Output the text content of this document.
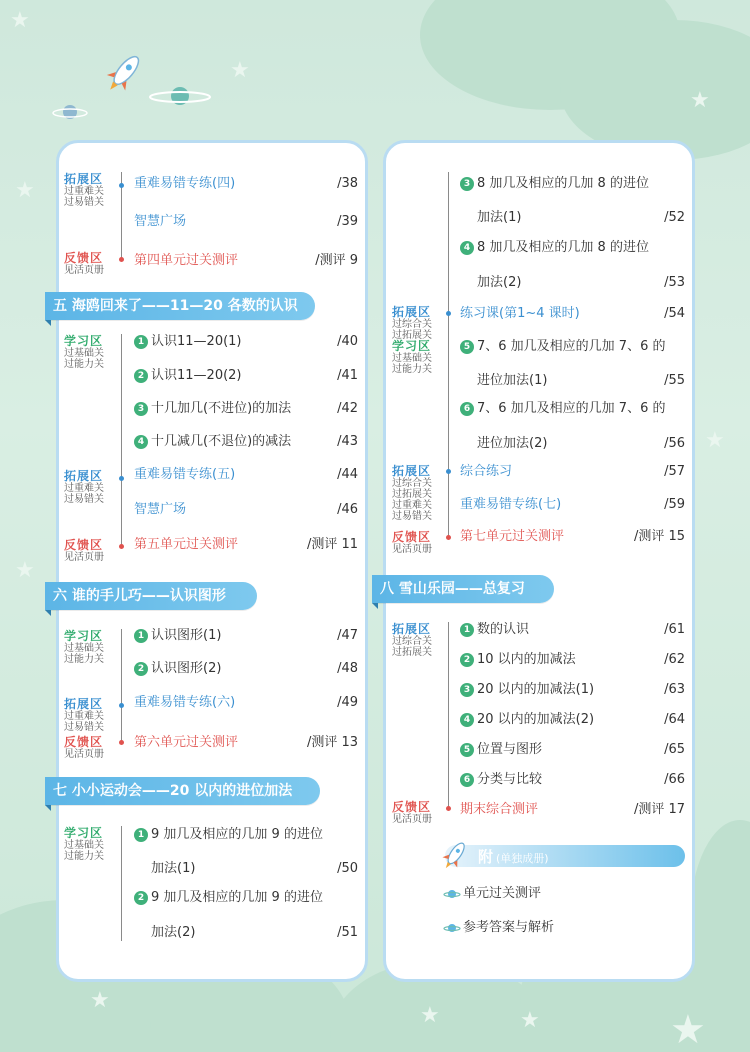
★
★
★
★
★
★
★
★	★	★
拓展区
过重难关
过易错关
反馈区
见活页册
重难易错专练(四)	/38
智慧广场	/39
第四单元过关测评	/测评 9
五 海鸥回来了——11—20 各数的认识
学习区
过基础关
过能力关
拓展区
过重难关
过易错关
反馈区
见活页册
1 认识11—20(1)	/40
2 认识11—20(2)	/41
3 十几加几(不进位)的加法	/42
4 十几减几(不退位)的减法	/43
重难易错专练(五)	/44
智慧广场	/46
第五单元过关测评	/测评 11
六 谁的手儿巧——认识图形
学习区
过基础关
过能力关
拓展区
过重难关
过易错关
反馈区
见活页册
1 认识图形(1)	/47
2 认识图形(2)	/48
重难易错专练(六)	/49
第六单元过关测评	/测评 13
七 小小运动会——20 以内的进位加法
学习区
过基础关
过能力关
1 9 加几及相应的几加 9 的进位
加法(1)	/50
2 9 加几及相应的几加 9 的进位
加法(2)	/51
拓展区
过综合关
过拓展关
学习区
过基础关
过能力关
拓展区
过综合关
过拓展关
过重难关
过易错关
反馈区
见活页册
3 8 加几及相应的几加 8 的进位
加法(1)	/52
4 8 加几及相应的几加 8 的进位
加法(2)	/53
练习课(第1~4 课时)	/54
5 7、6 加几及相应的几加 7、6 的
进位加法(1)	/55
6 7、6 加几及相应的几加 7、6 的
进位加法(2)	/56
综合练习	/57
重难易错专练(七)	/59
第七单元过关测评	/测评 15
八 雪山乐园——总复习
拓展区
过综合关
过拓展关
反馈区
见活页册
1 数的认识	/61
2 10 以内的加减法	/62
3 20 以内的加减法(1)	/63
4 20 以内的加减法(2)	/64
5 位置与图形	/65
6 分类与比较	/66
期末综合测评	/测评 17
附 (单独成册)
单元过关测评
参考答案与解析
